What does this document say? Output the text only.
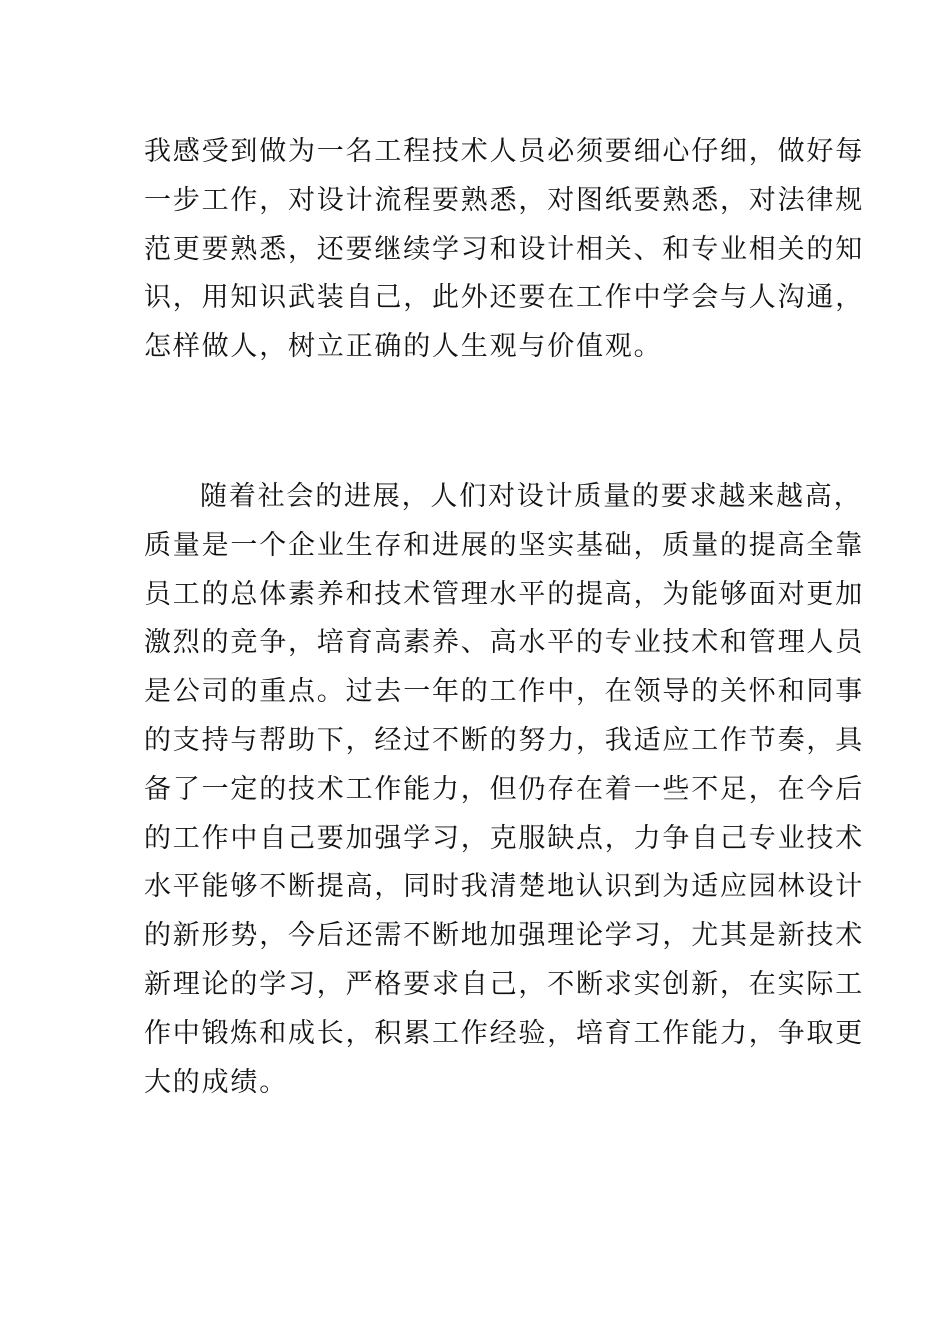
我感受到做为一名工程技术人员必须要细心仔细，做好每
一步工作，对设计流程要熟悉，对图纸要熟悉，对法律规
范更要熟悉，还要继续学习和设计相关、和专业相关的知
识，用知识武装自己，此外还要在工作中学会与人沟通，
怎样做人，树立正确的人生观与价值观。

随着社会的进展，人们对设计质量的要求越来越高，
质量是一个企业生存和进展的坚实基础，质量的提高全靠
员工的总体素养和技术管理水平的提高，为能够面对更加
激烈的竞争，培育高素养、高水平的专业技术和管理人员
是公司的重点。过去一年的工作中，在领导的关怀和同事
的支持与帮助下，经过不断的努力，我适应工作节奏，具
备了一定的技术工作能力，但仍存在着一些不足，在今后
的工作中自己要加强学习，克服缺点，力争自己专业技术
水平能够不断提高，同时我清楚地认识到为适应园林设计
的新形势，今后还需不断地加强理论学习，尤其是新技术
新理论的学习，严格要求自己，不断求实创新，在实际工
作中锻炼和成长，积累工作经验，培育工作能力，争取更
大的成绩。
